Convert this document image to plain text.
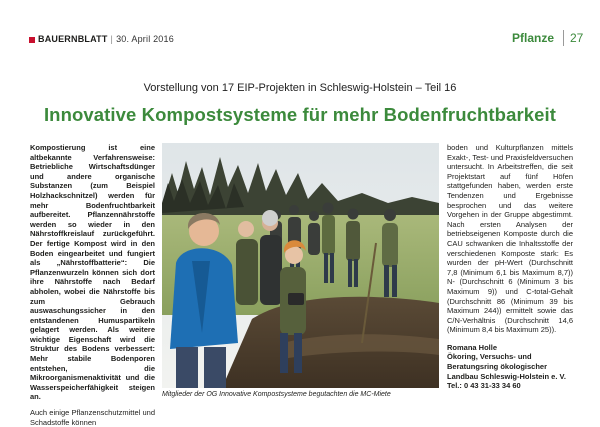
BAUERNBLATT | 30. April 2016	Pflanze 27
Vorstellung von 17 EIP-Projekten in Schleswig-Holstein – Teil 16
Innovative Kompostsysteme für mehr Bodenfruchtbarkeit

Kompostierung ist eine altbekannte Verfahrensweise: Betriebliche Wirtschaftsdünger und andere organische Substanzen (zum Beispiel Holzhackschnitzel) werden für mehr Bodenfruchtbarkeit aufbereitet. Pflanzennährstoffe werden so wieder in den Nährstoffkreislauf zurückgeführt. Der fertige Kompost wird in den Boden eingearbeitet und fungiert als „Nährstoffbatterie“: Die Pflanzenwurzeln können sich dort ihre Nährstoffe nach Bedarf abholen, wobei die Nährstoffe bis zum Gebrauch auswaschungssicher in den entstandenen Humuspartikeln gelagert werden. Als weitere wichtige Eigenschaft wird die Struktur des Bodens verbessert: Mehr stabile Bodenporen entstehen, die Mikroorganismenaktivität und die Wasserspeicherfähigkeit steigen an.

Auch einige Pflanzenschutzmittel und Schadstoffe können

Mitglieder der OG Innovative Kompostsysteme begutachten die MC-Miete

boden und Kulturpflanzen mittels Exakt-, Test- und Praxisfeldversuchen untersucht. In Arbeitstreffen, die seit Projektstart auf fünf Höfen stattgefunden haben, werden erste Tendenzen und Ergebnisse besprochen und das weitere Vorgehen in der Gruppe abgestimmt. Nach ersten Analysen der betriebseigenen Komposte durch die CAU schwanken die Inhaltsstoffe der verschiedenen Komposte stark: Es wurden der pH-Wert (Durchschnitt 7,8 (Minimum 6,1 bis Maximum 8,7)) N- (Durchschnitt 6 (Minimum 3 bis Maximum 9)) und C-total-Gehalt (Durchschnitt 86 (Minimum 39 bis Maximum 244)) ermittelt sowie das C/N-Verhältnis (Durchschnitt 14,6 (Minimum 8,4 bis Maximum 25)).

Romana Holle
Ökoring, Versuchs- und
Beratungsring ökologischer
Landbau Schleswig-Holstein e. V.
Tel.: 0 43 31-33 34 60
